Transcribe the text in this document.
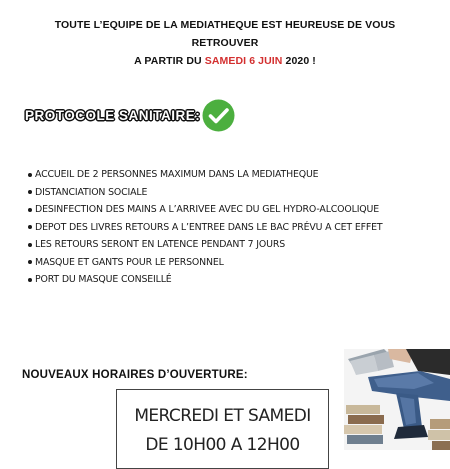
TOUTE L’EQUIPE DE LA MEDIATHEQUE EST HEUREUSE DE VOUS
RETROUVER
A PARTIR DU SAMEDI 6 JUIN 2020 !
PROTOCOLE SANITAIRE:
ACCUEIL DE 2 PERSONNES MAXIMUM DANS LA MEDIATHEQUE
DISTANCIATION SOCIALE
DESINFECTION DES MAINS A L’ARRIVEE AVEC DU GEL HYDRO-ALCOOLIQUE
DEPOT DES LIVRES RETOURS A L’ENTREE DANS LE BAC PRÉVU A CET EFFET
LES RETOURS SERONT EN LATENCE PENDANT 7 JOURS
MASQUE ET GANTS POUR LE PERSONNEL
PORT DU MASQUE CONSEILLÉ
NOUVEAUX HORAIRES D’OUVERTURE:
MERCREDI ET SAMEDI
DE 10H00 A 12H00
